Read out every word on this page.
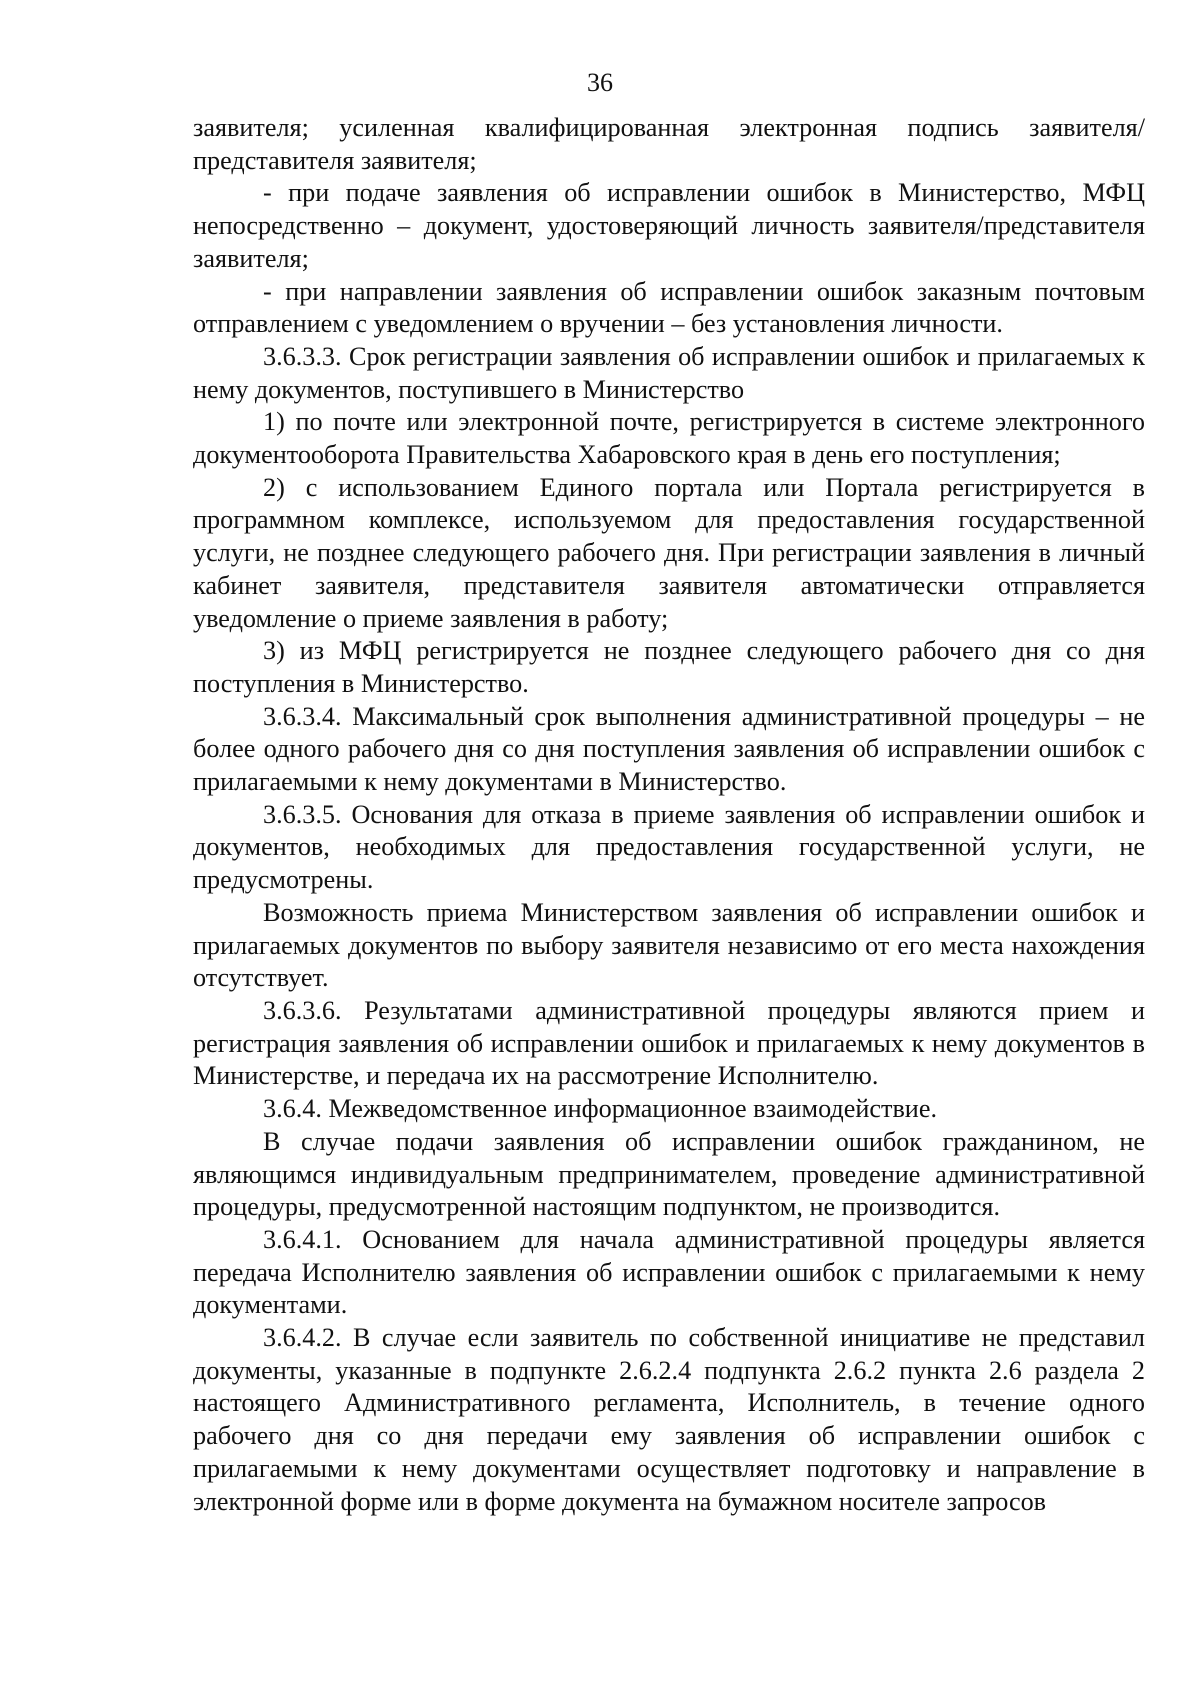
36

заявителя; усиленная квалифицированная электронная подпись заявителя/представителя заявителя;

- при подаче заявления об исправлении ошибок в Министерство, МФЦ непосредственно – документ, удостоверяющий личность заявителя/представителя заявителя;

- при направлении заявления об исправлении ошибок заказным почтовым отправлением с уведомлением о вручении – без установления личности.

3.6.3.3. Срок регистрации заявления об исправлении ошибок и прилагаемых к нему документов, поступившего в Министерство

1) по почте или электронной почте, регистрируется в системе электронного документооборота Правительства Хабаровского края в день его поступления;

2) с использованием Единого портала или Портала регистрируется в программном комплексе, используемом для предоставления государственной услуги, не позднее следующего рабочего дня. При регистрации заявления в личный кабинет заявителя, представителя заявителя автоматически отправляется уведомление о приеме заявления в работу;

3) из МФЦ регистрируется не позднее следующего рабочего дня со дня поступления в Министерство.

3.6.3.4. Максимальный срок выполнения административной процедуры – не более одного рабочего дня со дня поступления заявления об исправлении ошибок с прилагаемыми к нему документами в Министерство.

3.6.3.5. Основания для отказа в приеме заявления об исправлении ошибок и документов, необходимых для предоставления государственной услуги, не предусмотрены.

Возможность приема Министерством заявления об исправлении ошибок и прилагаемых документов по выбору заявителя независимо от его места нахождения отсутствует.

3.6.3.6. Результатами административной процедуры являются прием и регистрация заявления об исправлении ошибок и прилагаемых к нему документов в Министерстве, и передача их на рассмотрение Исполнителю.

3.6.4. Межведомственное информационное взаимодействие.

В случае подачи заявления об исправлении ошибок гражданином, не являющимся индивидуальным предпринимателем, проведение административной процедуры, предусмотренной настоящим подпунктом, не производится.

3.6.4.1. Основанием для начала административной процедуры является передача Исполнителю заявления об исправлении ошибок с прилагаемыми к нему документами.

3.6.4.2. В случае если заявитель по собственной инициативе не представил документы, указанные в подпункте 2.6.2.4 подпункта 2.6.2 пункта 2.6 раздела 2 настоящего Административного регламента, Исполнитель, в течение одного рабочего дня со дня передачи ему заявления об исправлении ошибок с прилагаемыми к нему документами осуществляет подготовку и направление в электронной форме или в форме документа на бумажном носителе запросов
